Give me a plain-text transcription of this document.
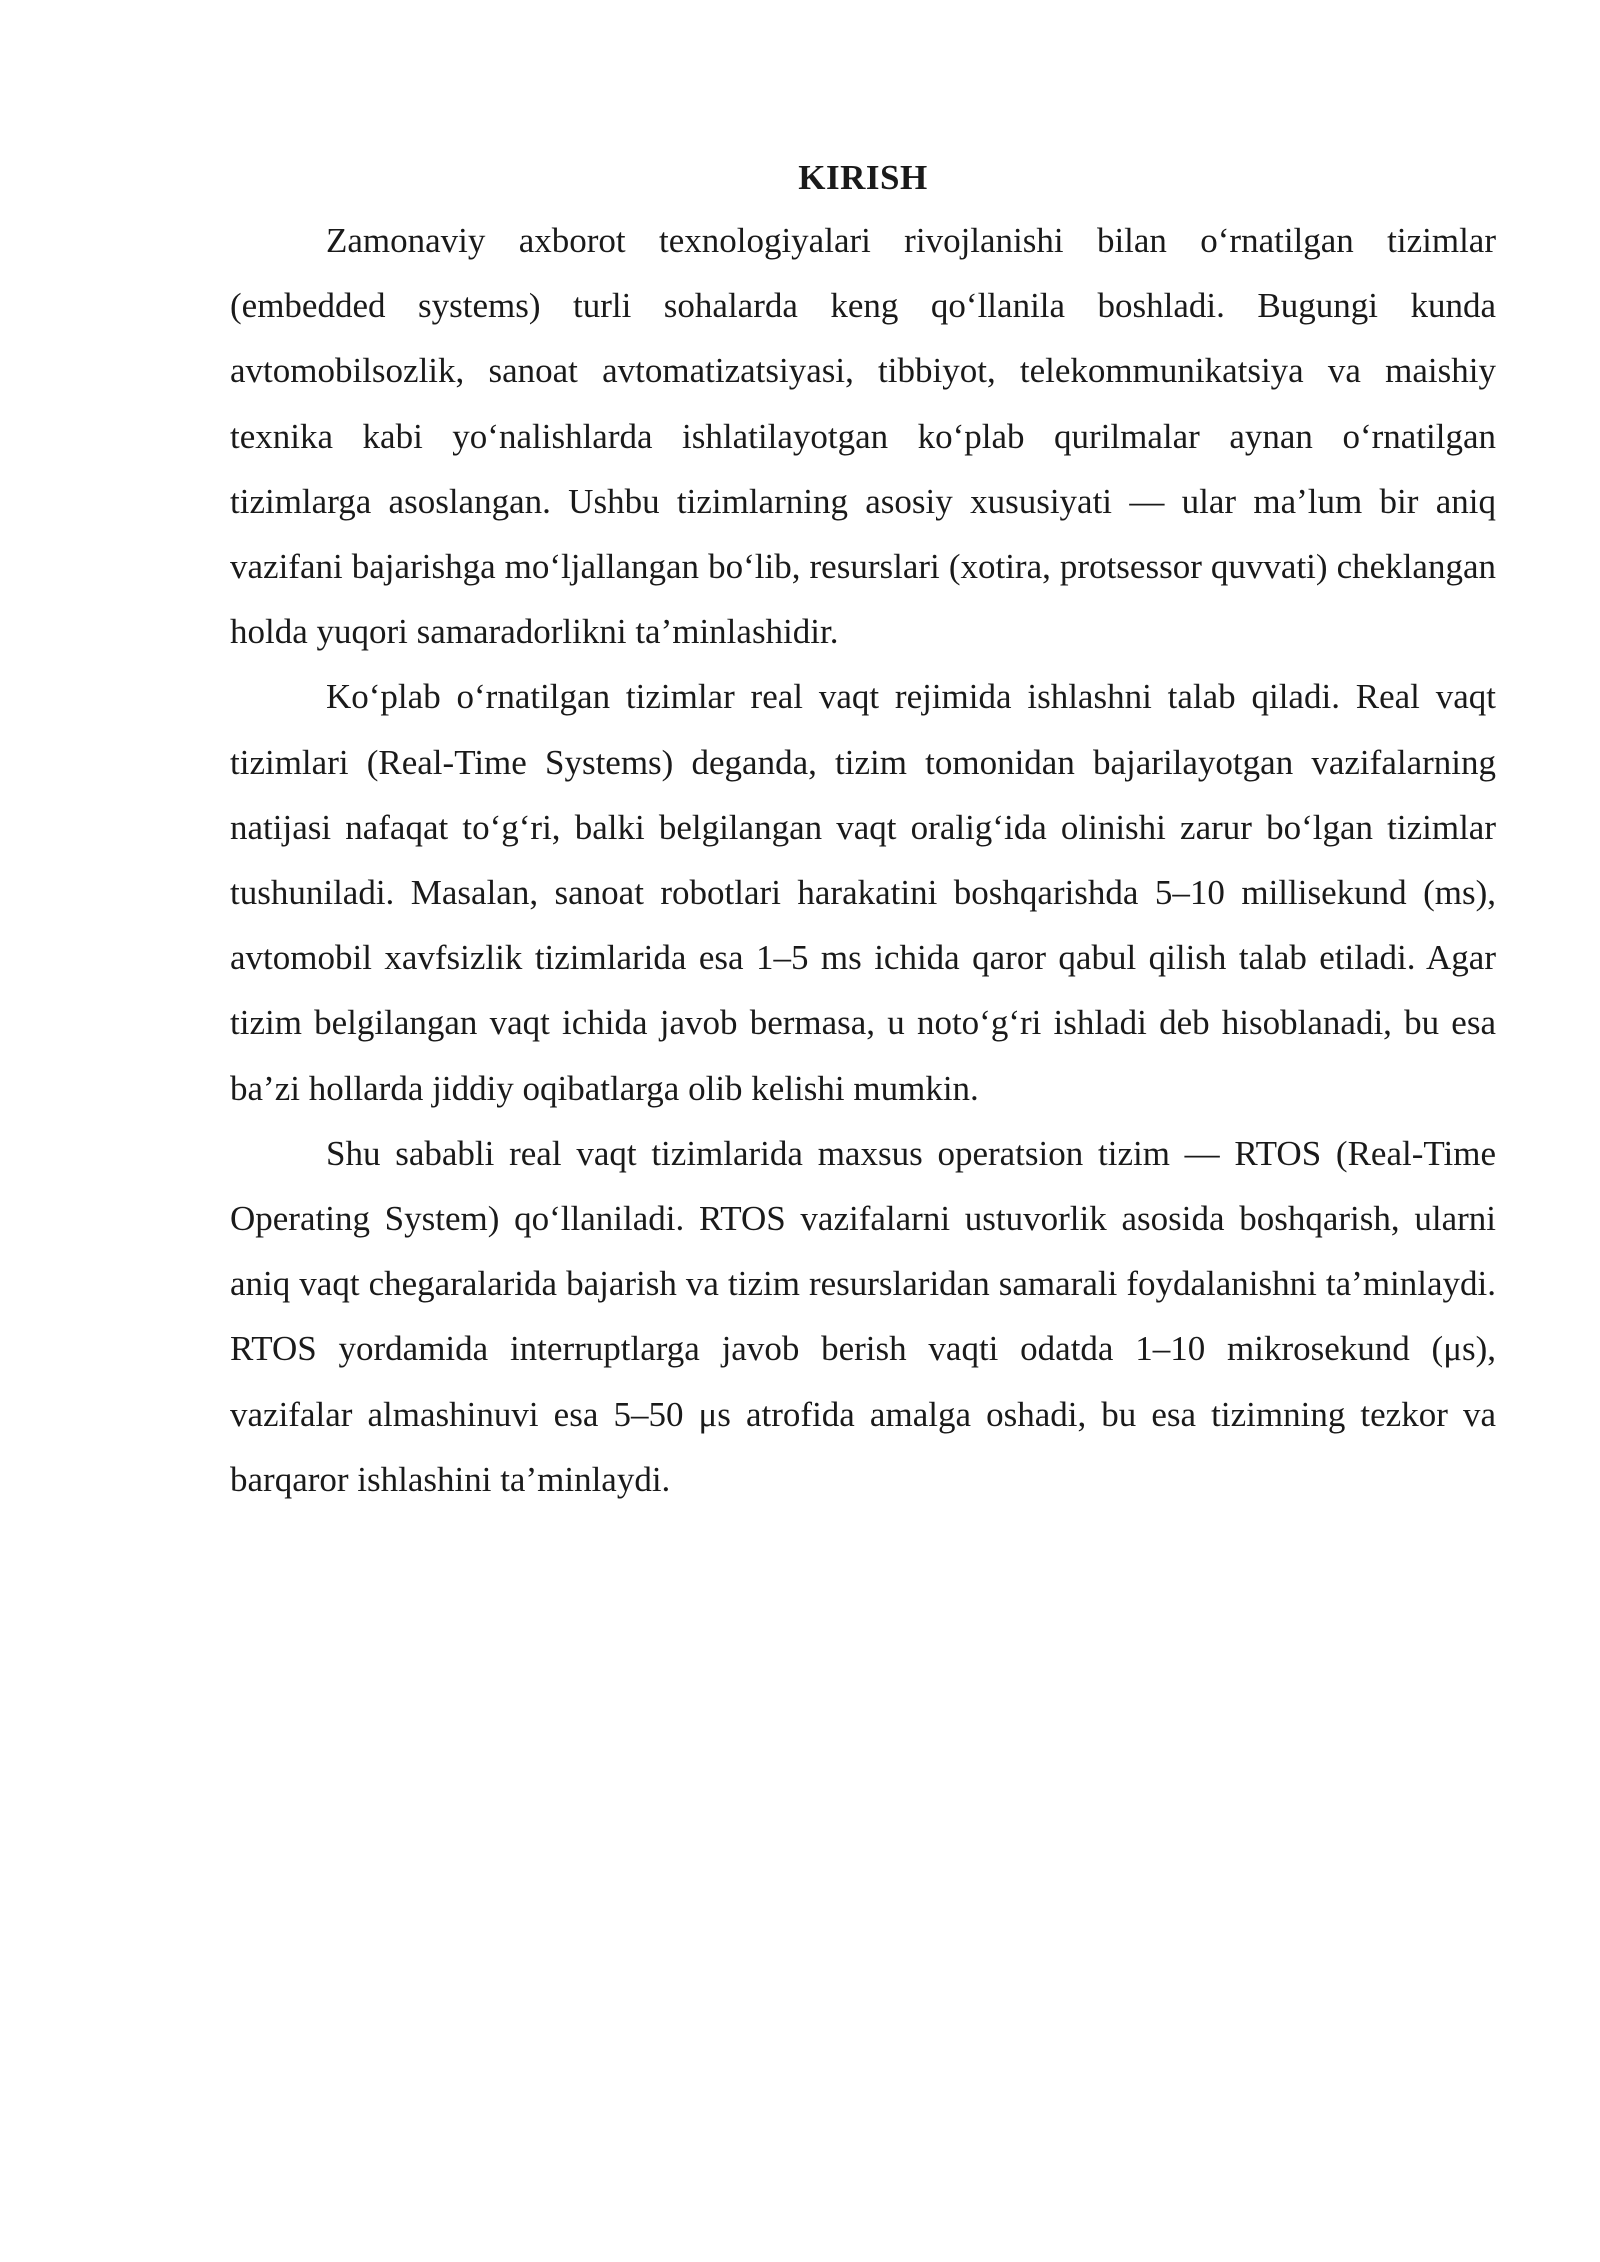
KIRISH

Zamonaviy axborot texnologiyalari rivojlanishi bilan o‘rnatilgan tizimlar (embedded systems) turli sohalarda keng qo‘llanila boshladi. Bugungi kunda avtomobilsozlik, sanoat avtomatizatsiyasi, tibbiyot, telekommunikatsiya va maishiy texnika kabi yo‘nalishlarda ishlatilayotgan ko‘plab qurilmalar aynan o‘rnatilgan tizimlarga asoslangan. Ushbu tizimlarning asosiy xususiyati — ular ma’lum bir aniq vazifani bajarishga mo‘ljallangan bo‘lib, resurslari (xotira, protsessor quvvati) cheklangan holda yuqori samaradorlikni ta’minlashidir.

Ko‘plab o‘rnatilgan tizimlar real vaqt rejimida ishlashni talab qiladi. Real vaqt tizimlari (Real-Time Systems) deganda, tizim tomonidan bajarilayotgan vazifalarning natijasi nafaqat to‘g‘ri, balki belgilangan vaqt oralig‘ida olinishi zarur bo‘lgan tizimlar tushuniladi. Masalan, sanoat robotlari harakatini boshqarishda 5–10 millisekund (ms), avtomobil xavfsizlik tizimlarida esa 1–5 ms ichida qaror qabul qilish talab etiladi. Agar tizim belgilangan vaqt ichida javob bermasa, u noto‘g‘ri ishladi deb hisoblanadi, bu esa ba’zi hollarda jiddiy oqibatlarga olib kelishi mumkin.

Shu sababli real vaqt tizimlarida maxsus operatsion tizim — RTOS (Real-Time Operating System) qo‘llaniladi. RTOS vazifalarni ustuvorlik asosida boshqarish, ularni aniq vaqt chegaralarida bajarish va tizim resurslaridan samarali foydalanishni ta’minlaydi. RTOS yordamida interruptlarga javob berish vaqti odatda 1–10 mikrosekund (μs), vazifalar almashinuvi esa 5–50 μs atrofida amalga oshadi, bu esa tizimning tezkor va barqaror ishlashini ta’minlaydi.
